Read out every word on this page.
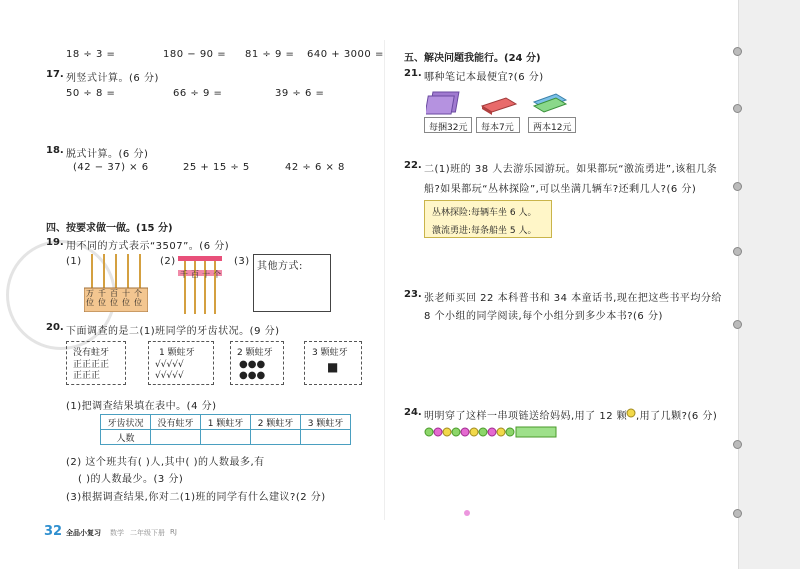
18 ÷ 3 =	180 − 90 = 81 ÷ 9 = 640 + 3000 =
17. 列竖式计算。(6 分)
50 ÷ 8 =	66 ÷ 9 =	39 ÷ 6 =
18. 脱式计算。(6 分)
(42 − 37) × 6	25 + 15 ÷ 5	42 ÷ 6 × 8
四、按要求做一做。(15 分)
19. 用不同的方式表示“3507”。(6 分)
(1)
万位
千位
百位
十位
个位
(2)
千 百 十 个
(3) 其他方式:
20. 下面调查的是二(1)班同学的牙齿状况。(9 分)
没有蛀牙
正正正正
正正正
1 颗蛀牙
√√√√√
√√√√√
2 颗蛀牙
●●●
●●●
3 颗蛀牙
■
(1)把调查结果填在表中。(4 分)
牙齿状况	没有蛀牙	1 颗蛀牙	2 颗蛀牙	3 颗蛀牙
人数				
(2) 这个班共有( )人,其中( )的人数最多,有
( )的人数最少。(3 分)
(3)根据调查结果,你对二(1)班的同学有什么建议?(2 分)
32 全品小复习 数学 二年级下册 RJ
五、解决问题我能行。(24 分)
21. 哪种笔记本最便宜?(6 分)
每捆32元 每本7元 两本12元
22. 二(1)班的 38 人去游乐园游玩。如果都玩“激流勇进”,该租几条
船?如果都玩“丛林探险”,可以坐满几辆车?还剩几人?(6 分)
丛林探险:每辆车坐 6 人。
激流勇进:每条船坐 5 人。
23. 张老师买回 22 本科普书和 34 本童话书,现在把这些书平均分给
8 个小组的同学阅读,每个小组分到多少本书?(6 分)
24. 明明穿了这样一串项链送给妈妈,用了 12 颗 ,用了几颗?(6 分)
